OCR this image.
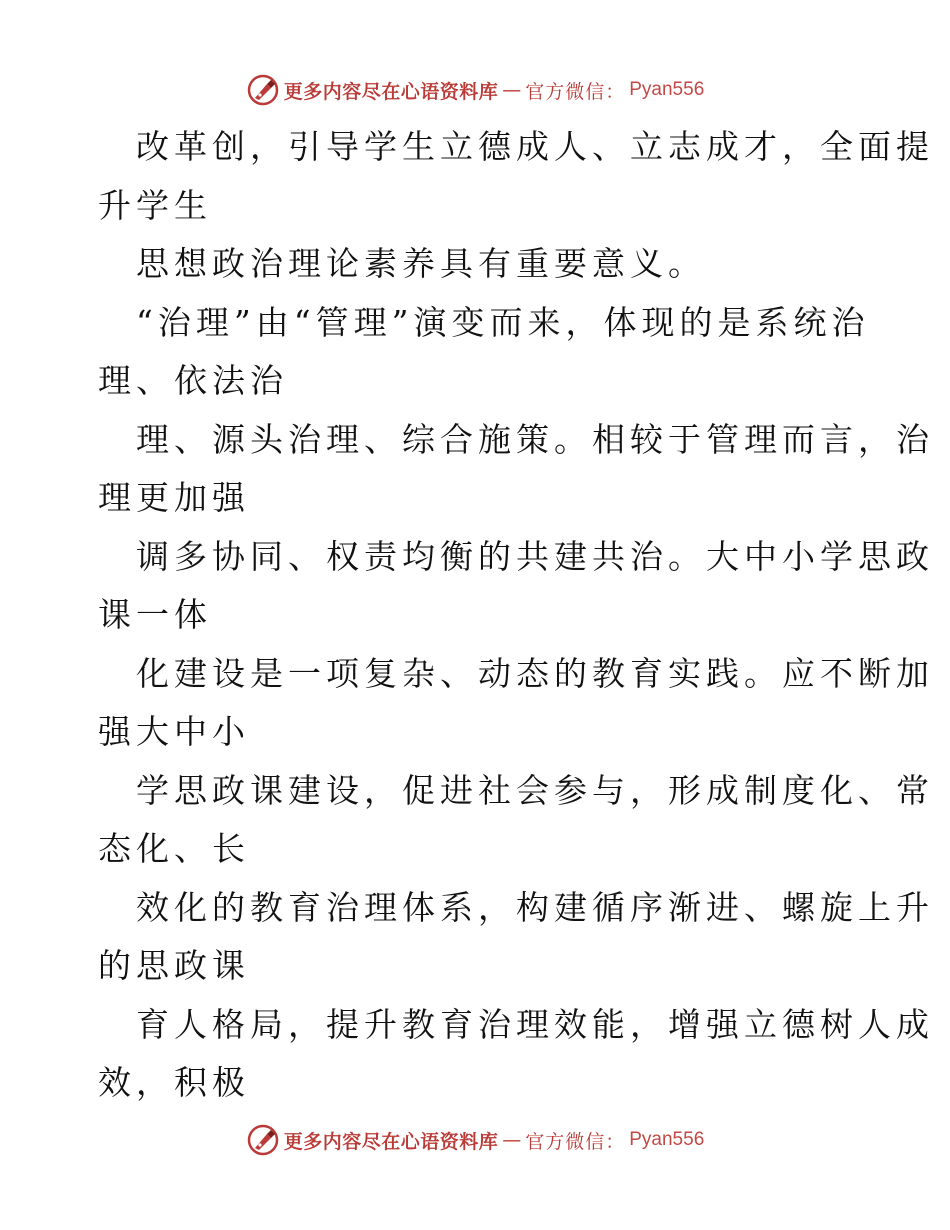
更多内容尽在心语资料库 — 官方微信： Pyan556
改革创，引导学生立德成人、立志成才，全面提
升学生
思想政治理论素养具有重要意义。
“治理”由“管理”演变而来，体现的是系统治
理、依法治
理、源头治理、综合施策。相较于管理而言，治
理更加强
调多协同、权责均衡的共建共治。大中小学思政
课一体
化建设是一项复杂、动态的教育实践。应不断加
强大中小
学思政课建设，促进社会参与，形成制度化、常
态化、长
效化的教育治理体系，构建循序渐进、螺旋上升
的思政课
育人格局，提升教育治理效能，增强立德树人成
效，积极
更多内容尽在心语资料库 — 官方微信： Pyan556
